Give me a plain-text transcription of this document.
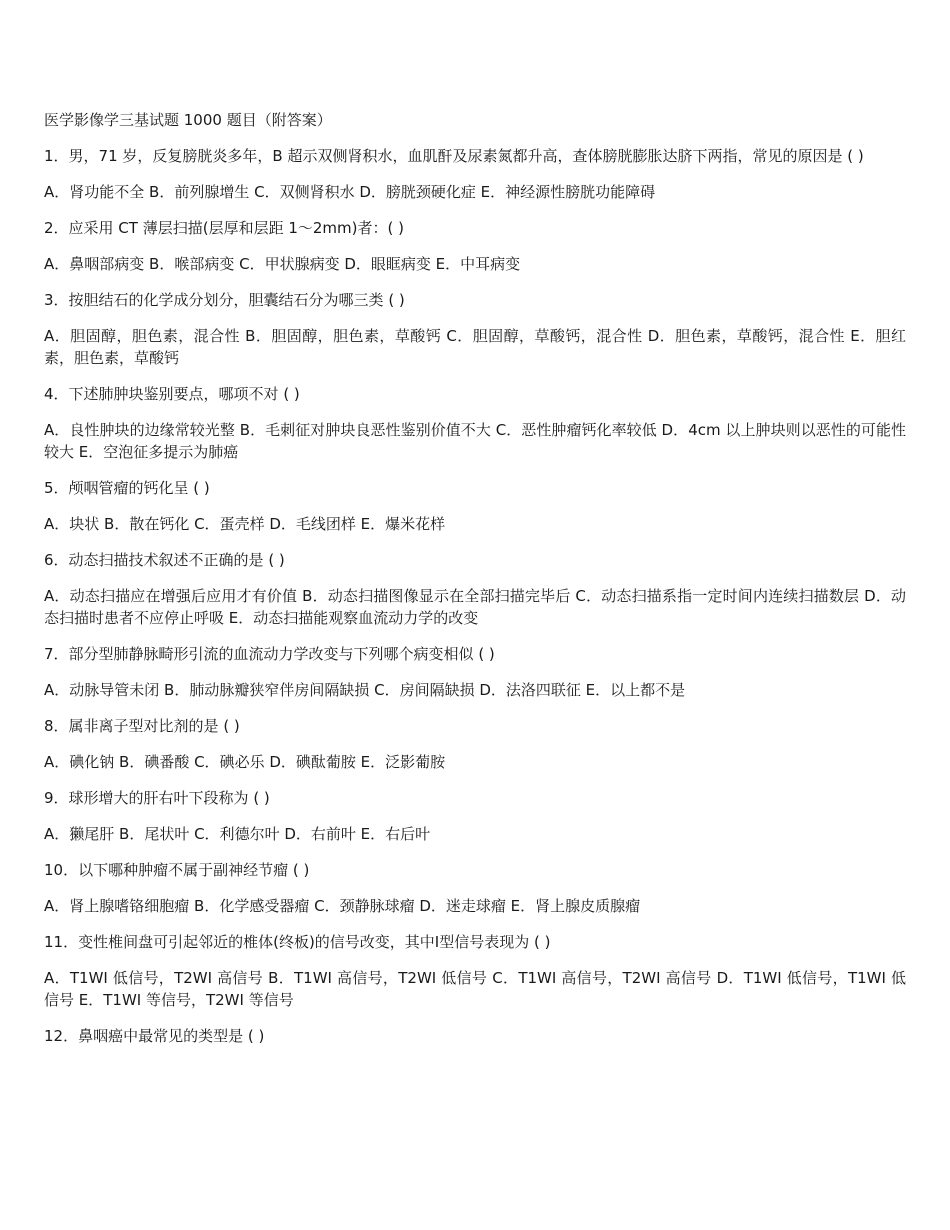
医学影像学三基试题 1000 题目（附答案）
1．男，71 岁，反复膀胱炎多年，B 超示双侧肾积水，血肌酐及尿素氮都升高，查体膀胱膨胀达脐下两指，常见的原因是 ( )
A．肾功能不全 B．前列腺增生 C．双侧肾积水 D．膀胱颈硬化症 E．神经源性膀胱功能障碍
2．应采用 CT 薄层扫描(层厚和层距 1～2mm)者：( )
A．鼻咽部病变 B．喉部病变 C．甲状腺病变 D．眼眶病变 E．中耳病变
3．按胆结石的化学成分划分，胆囊结石分为哪三类 ( )
A．胆固醇，胆色素，混合性 B．胆固醇，胆色素，草酸钙 C．胆固醇，草酸钙，混合性 D．胆色素，草酸钙，混合性 E．胆红素，胆色素，草酸钙
4．下述肺肿块鉴别要点，哪项不对 ( )
A．良性肿块的边缘常较光整 B．毛刺征对肿块良恶性鉴别价值不大 C．恶性肿瘤钙化率较低 D．4cm 以上肿块则以恶性的可能性较大 E．空泡征多提示为肺癌
5．颅咽管瘤的钙化呈 ( )
A．块状 B．散在钙化 C．蛋壳样 D．毛线团样 E．爆米花样
6．动态扫描技术叙述不正确的是 ( )
A．动态扫描应在增强后应用才有价值 B．动态扫描图像显示在全部扫描完毕后 C．动态扫描系指一定时间内连续扫描数层 D．动态扫描时患者不应停止呼吸 E．动态扫描能观察血流动力学的改变
7．部分型肺静脉畸形引流的血流动力学改变与下列哪个病变相似 ( )
A．动脉导管未闭 B．肺动脉瓣狭窄伴房间隔缺损 C．房间隔缺损 D．法洛四联征 E．以上都不是
8．属非离子型对比剂的是 ( )
A．碘化钠 B．碘番酸 C．碘必乐 D．碘酞葡胺 E．泛影葡胺
9．球形增大的肝右叶下段称为 ( )
A．獭尾肝 B．尾状叶 C．利德尔叶 D．右前叶 E．右后叶
10．以下哪种肿瘤不属于副神经节瘤 ( )
A．肾上腺嗜铬细胞瘤 B．化学感受器瘤 C．颈静脉球瘤 D．迷走球瘤 E．肾上腺皮质腺瘤
11．变性椎间盘可引起邻近的椎体(终板)的信号改变，其中Ⅰ型信号表现为 ( )
A．T1WI 低信号，T2WI 高信号 B．T1WI 高信号，T2WI 低信号 C．T1WI 高信号，T2WI 高信号 D．T1WI 低信号，T1WI 低信号 E．T1WI 等信号，T2WI 等信号
12．鼻咽癌中最常见的类型是 ( )
